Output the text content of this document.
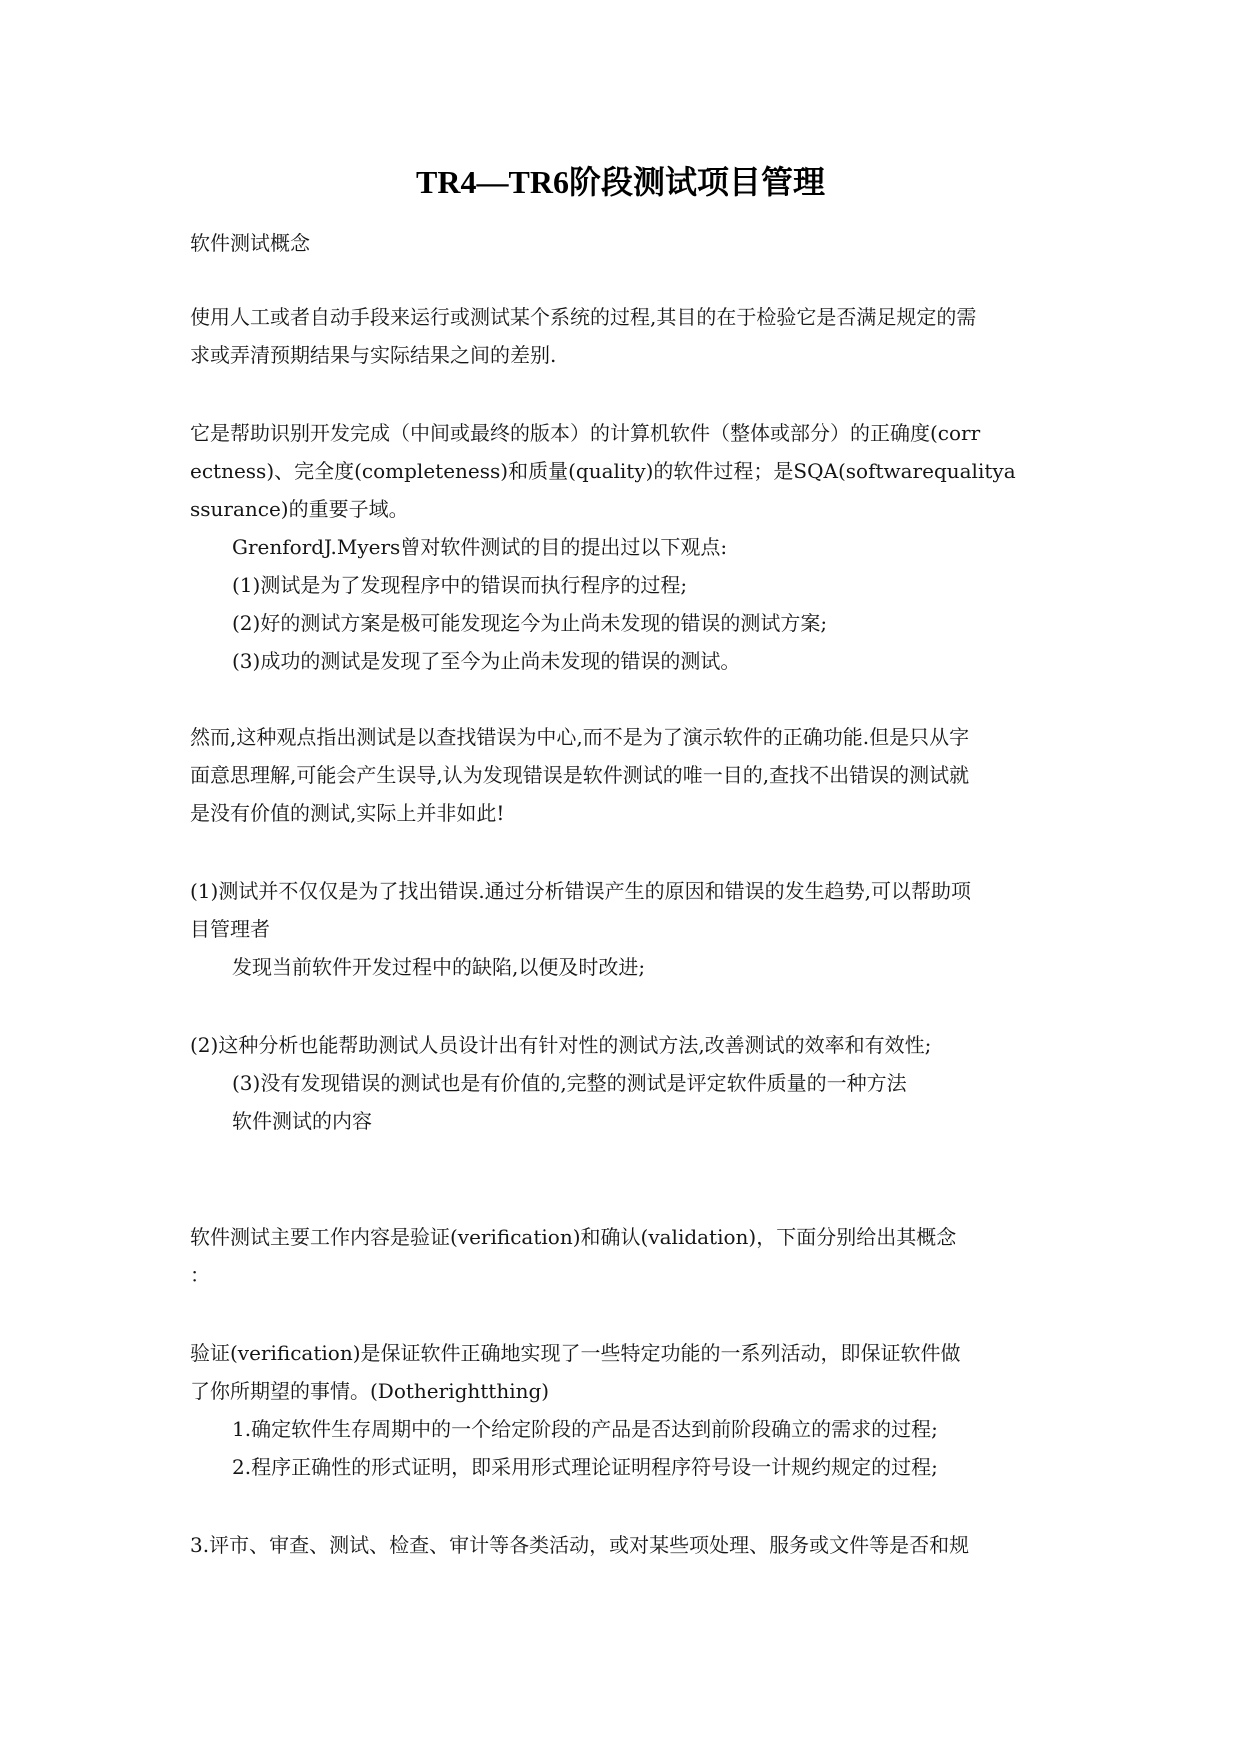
TR4—TR6阶段测试项目管理
软件测试概念
使用人工或者自动手段来运行或测试某个系统的过程,其目的在于检验它是否满足规定的需
求或弄清预期结果与实际结果之间的差别.
它是帮助识别开发完成（中间或最终的版本）的计算机软件（整体或部分）的正确度(corr
ectness)、完全度(completeness)和质量(quality)的软件过程；是SQA(softwarequalitya
ssurance)的重要子域。
GrenfordJ.Myers曾对软件测试的目的提出过以下观点:
(1)测试是为了发现程序中的错误而执行程序的过程;
(2)好的测试方案是极可能发现迄今为止尚未发现的错误的测试方案;
(3)成功的测试是发现了至今为止尚未发现的错误的测试。
然而,这种观点指出测试是以查找错误为中心,而不是为了演示软件的正确功能.但是只从字
面意思理解,可能会产生误导,认为发现错误是软件测试的唯一目的,查找不出错误的测试就
是没有价值的测试,实际上并非如此!
(1)测试并不仅仅是为了找出错误.通过分析错误产生的原因和错误的发生趋势,可以帮助项
目管理者
发现当前软件开发过程中的缺陷,以便及时改进;
(2)这种分析也能帮助测试人员设计出有针对性的测试方法,改善测试的效率和有效性;
(3)没有发现错误的测试也是有价值的,完整的测试是评定软件质量的一种方法
软件测试的内容
软件测试主要工作内容是验证(verification)和确认(validation)，下面分别给出其概念
：
验证(verification)是保证软件正确地实现了一些特定功能的一系列活动，即保证软件做
了你所期望的事情。(Dotherightthing)
1.确定软件生存周期中的一个给定阶段的产品是否达到前阶段确立的需求的过程;
2.程序正确性的形式证明，即采用形式理论证明程序符号设一计规约规定的过程;
3.评市、审查、测试、检查、审计等各类活动，或对某些项处理、服务或文件等是否和规
